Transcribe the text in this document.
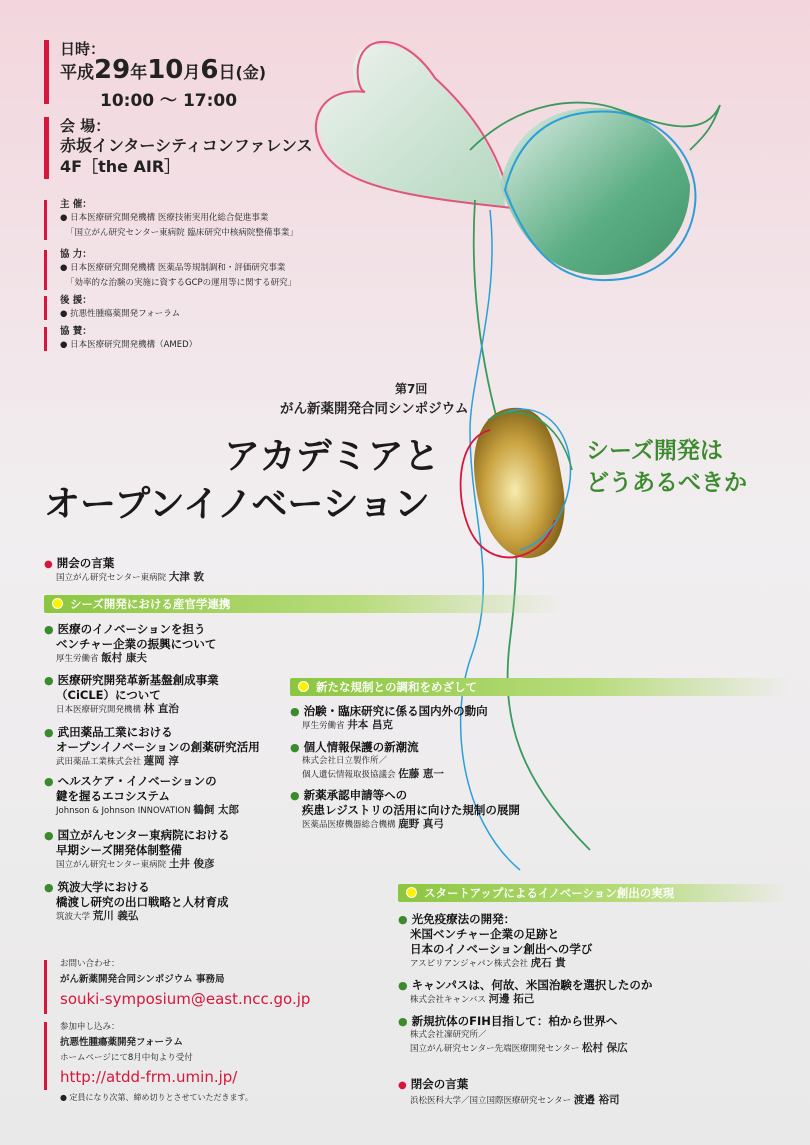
日時：
平成29年10月6日(金)
10:00 〜 17:00
会 場：
赤坂インターシティコンファレンス
4F［the AIR］
主 催：
● 日本医療研究開発機構 医療技術実用化総合促進事業
「国立がん研究センター東病院 臨床研究中核病院整備事業」
協 力：
● 日本医療研究開発機構 医薬品等規制調和・評価研究事業
「効率的な治験の実施に資するGCPの運用等に関する研究」
後 援：
● 抗悪性腫瘍薬開発フォーラム
協 賛：
● 日本医療研究開発機構（AMED）
第7回
がん新薬開発合同シンポジウム
アカデミアと
オープンイノベーション
シーズ開発は
どうあるべきか
● 開会の言葉
国立がん研究センター東病院 大津 敦
シーズ開発における産官学連携
● 医療のイノベーションを担う
ベンチャー企業の振興について
厚生労働省 飯村 康夫
● 医療研究開発革新基盤創成事業
（CiCLE）について
日本医療研究開発機構 林 直治
● 武田薬品工業における
オープンイノベーションの創薬研究活用
武田薬品工業株式会社 蓮岡 淳
● ヘルスケア・イノベーションの
鍵を握るエコシステム
Johnson & Johnson INNOVATION 鶴飼 太郎
● 国立がんセンター東病院における
早期シーズ開発体制整備
国立がん研究センター東病院 土井 俊彦
● 筑波大学における
橋渡し研究の出口戦略と人材育成
筑波大学 荒川 義弘
新たな規制との調和をめざして
● 治験・臨床研究に係る国内外の動向
厚生労働省 井本 昌克
● 個人情報保護の新潮流
株式会社日立製作所／
個人遺伝情報取扱協議会 佐藤 恵一
● 新薬承認申請等への
疾患レジストリの活用に向けた規制の展開
医薬品医療機器総合機構 鹿野 真弓
スタートアップによるイノベーション創出の実現
● 光免疫療法の開発：
米国ベンチャー企業の足跡と
日本のイノベーション創出への学び
アスピリアンジャパン株式会社 虎石 貴
● キャンパスは、何故、米国治験を選択したのか
株式会社キャンバス 河邊 拓己
● 新規抗体のFIH目指して：柏から世界へ
株式会社凜研究所／
国立がん研究センター先端医療開発センター 松村 保広
● 閉会の言葉
浜松医科大学／国立国際医療研究センター 渡邉 裕司
お問い合わせ：
がん新薬開発合同シンポジウム 事務局
souki-symposium@east.ncc.go.jp
参加申し込み：
抗悪性腫瘍薬開発フォーラム
ホームページにて8月中旬より受付
http://atdd-frm.umin.jp/
● 定員になり次第、締め切りとさせていただきます。
